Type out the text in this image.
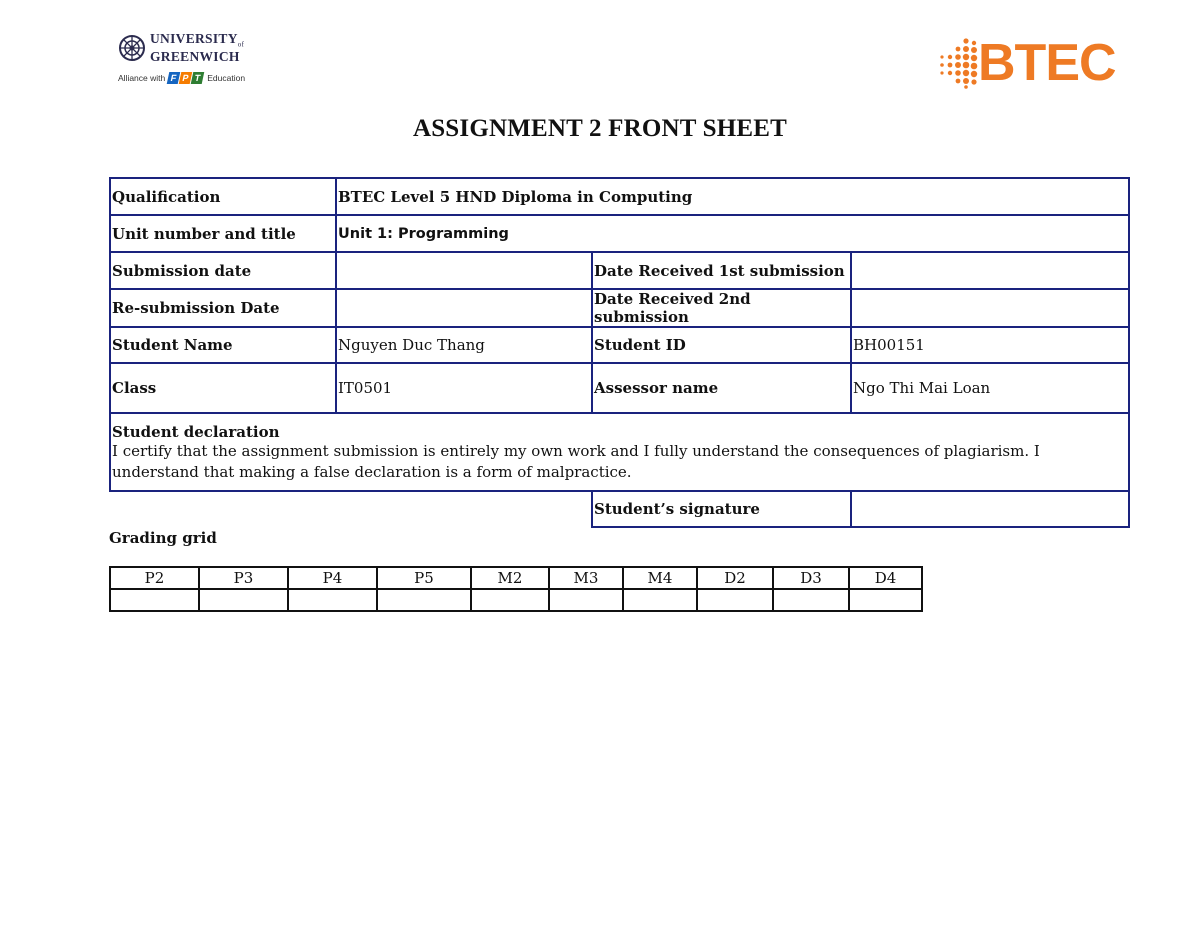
$UNIVERSITY_{of}$
GREENWICH
Alliance with F P T Education	BTEC
ASSIGNMENT 2 FRONT SHEET
Qualification	BTEC Level 5 HND Diploma in Computing		
Unit number and title	Unit 1: Programming		
Submission date		Date Received 1st submission	
Re-submission Date		Date Received 2nd submission	
Student Name	Nguyen Duc Thang	Student ID	BH00151
Class	IT0501	Assessor name	Ngo Thi Mai Loan

Student declaration
I certify that the assignment submission is entirely my own work and I fully understand the consequences of plagiarism. I understand that making a false declaration is a form of malpractice.			

		Student’s signature	
Grading grid
P2	P3	P4	P5	M2	M3	M4	D2	D3	D4
